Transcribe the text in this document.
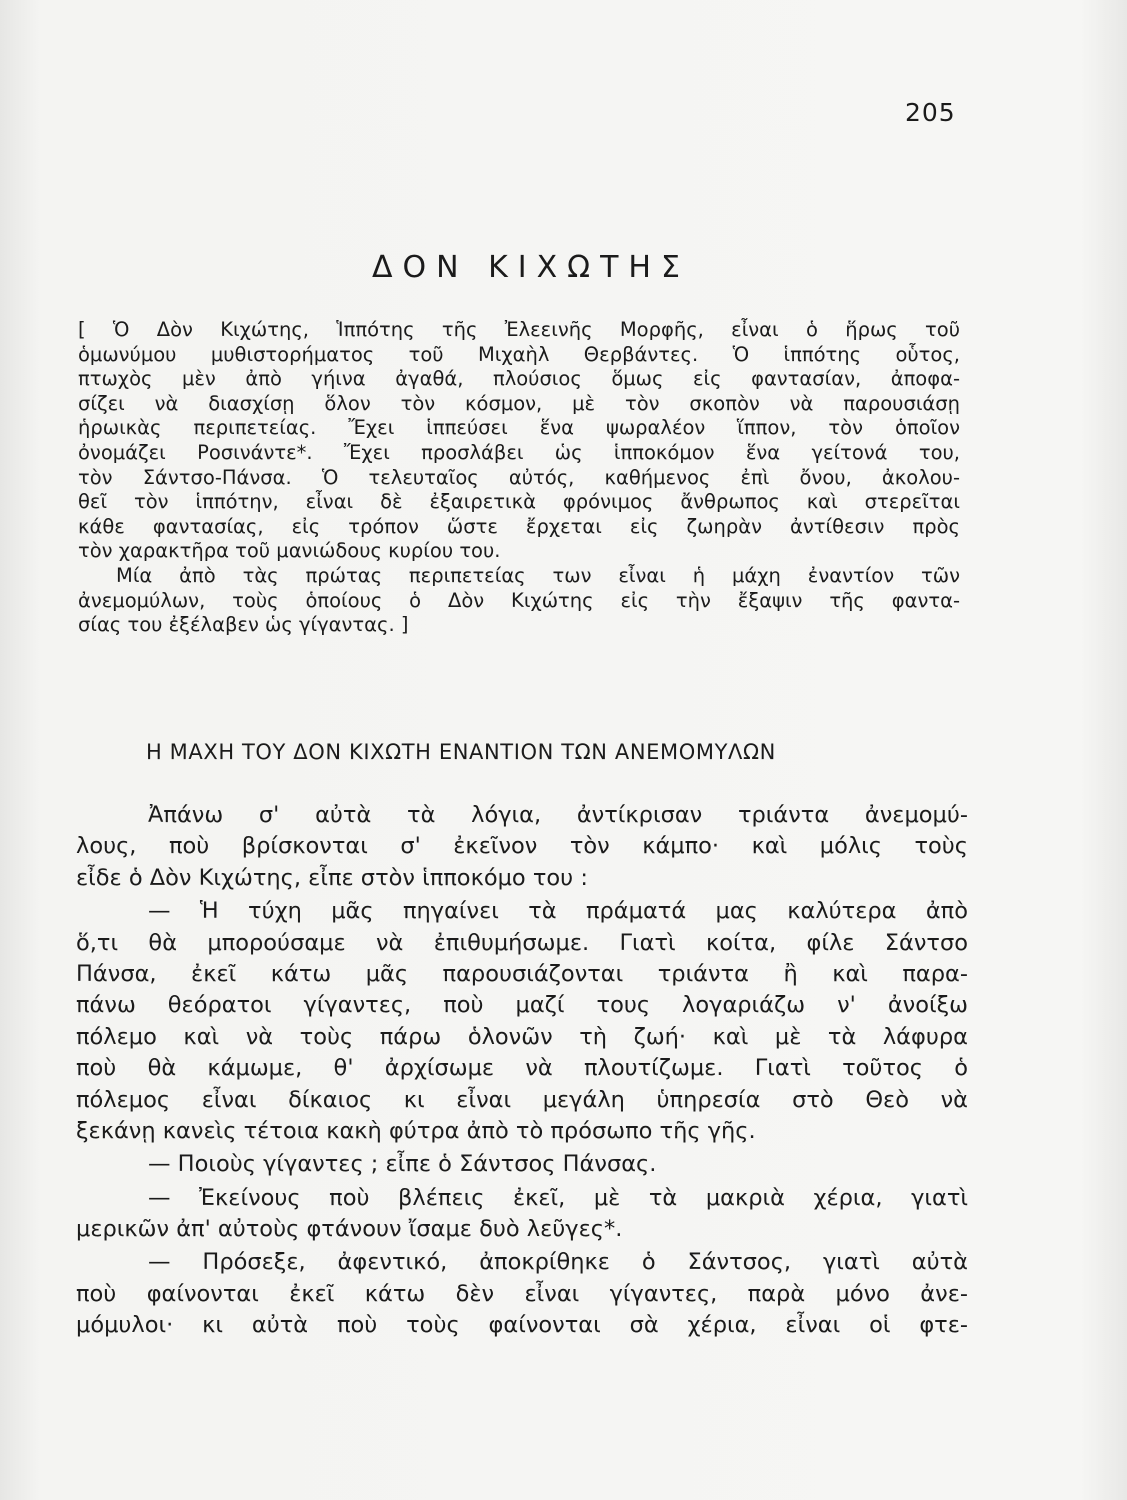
205
ΔΟΝ ΚΙΧΩΤΗΣ
[ Ὁ Δὸν Κιχώτης, Ἱππότης τῆς Ἐλεεινῆς Μορφῆς, εἶναι ὁ ἥρως τοῦ
ὁμωνύμου μυθιστορήματος τοῦ Μιχαὴλ Θερβάντες. Ὁ ἱππότης οὗτος,
πτωχὸς μὲν ἀπὸ γήινα ἀγαθά, πλούσιος ὅμως εἰς φαντασίαν, ἀποφα-
σίζει νὰ διασχίσῃ ὅλον τὸν κόσμον, μὲ τὸν σκοπὸν νὰ παρουσιάσῃ
ἡρωικὰς περιπετείας. Ἔχει ἱππεύσει ἕνα ψωραλέον ἵππον, τὸν ὁποῖον
ὀνομάζει Ροσινάντε*. Ἔχει προσλάβει ὡς ἱπποκόμον ἕνα γείτονά του,
τὸν Σάντσο-Πάνσα. Ὁ τελευταῖος αὐτός, καθήμενος ἐπὶ ὄνου, ἀκολου-
θεῖ τὸν ἱππότην, εἶναι δὲ ἐξαιρετικὰ φρόνιμος ἄνθρωπος καὶ στερεῖται
κάθε φαντασίας, εἰς τρόπον ὥστε ἔρχεται εἰς ζωηρὰν ἀντίθεσιν πρὸς
τὸν χαρακτῆρα τοῦ μανιώδους κυρίου του.
Μία ἀπὸ τὰς πρώτας περιπετείας των εἶναι ἡ μάχη ἐναντίον τῶν
ἀνεμομύλων, τοὺς ὁποίους ὁ Δὸν Κιχώτης εἰς τὴν ἔξαψιν τῆς φαντα-
σίας του ἐξέλαβεν ὡς γίγαντας. ]
Η ΜΑΧΗ ΤΟΥ ΔΟΝ ΚΙΧΩΤΗ ΕΝΑΝΤΙΟΝ ΤΩΝ ΑΝΕΜΟΜΥΛΩΝ
Ἀπάνω σ' αὐτὰ τὰ λόγια, ἀντίκρισαν τριάντα ἀνεμομύ-
λους, ποὺ βρίσκονται σ' ἐκεῖνον τὸν κάμπο· καὶ μόλις τοὺς
εἶδε ὁ Δὸν Κιχώτης, εἶπε στὸν ἱπποκόμο του :
— Ἡ τύχη μᾶς πηγαίνει τὰ πράματά μας καλύτερα ἀπὸ
ὅ,τι θὰ μπορούσαμε νὰ ἐπιθυμήσωμε. Γιατὶ κοίτα, φίλε Σάντσο
Πάνσα, ἐκεῖ κάτω μᾶς παρουσιάζονται τριάντα ἢ καὶ παρα-
πάνω θεόρατοι γίγαντες, ποὺ μαζί τους λογαριάζω ν' ἀνοίξω
πόλεμο καὶ νὰ τοὺς πάρω ὁλονῶν τὴ ζωή· καὶ μὲ τὰ λάφυρα
ποὺ θὰ κάμωμε, θ' ἀρχίσωμε νὰ πλουτίζωμε. Γιατὶ τοῦτος ὁ
πόλεμος εἶναι δίκαιος κι εἶναι μεγάλη ὑπηρεσία στὸ Θεὸ νὰ
ξεκάνῃ κανεὶς τέτοια κακὴ φύτρα ἀπὸ τὸ πρόσωπο τῆς γῆς.
— Ποιοὺς γίγαντες ; εἶπε ὁ Σάντσος Πάνσας.
— Ἐκείνους ποὺ βλέπεις ἐκεῖ, μὲ τὰ μακριὰ χέρια, γιατὶ
μερικῶν ἀπ' αὐτοὺς φτάνουν ἴσαμε δυὸ λεῦγες*.
— Πρόσεξε, ἀφεντικό, ἀποκρίθηκε ὁ Σάντσος, γιατὶ αὐτὰ
ποὺ φαίνονται ἐκεῖ κάτω δὲν εἶναι γίγαντες, παρὰ μόνο ἀνε-
μόμυλοι· κι αὐτὰ ποὺ τοὺς φαίνονται σὰ χέρια, εἶναι οἱ φτε-
